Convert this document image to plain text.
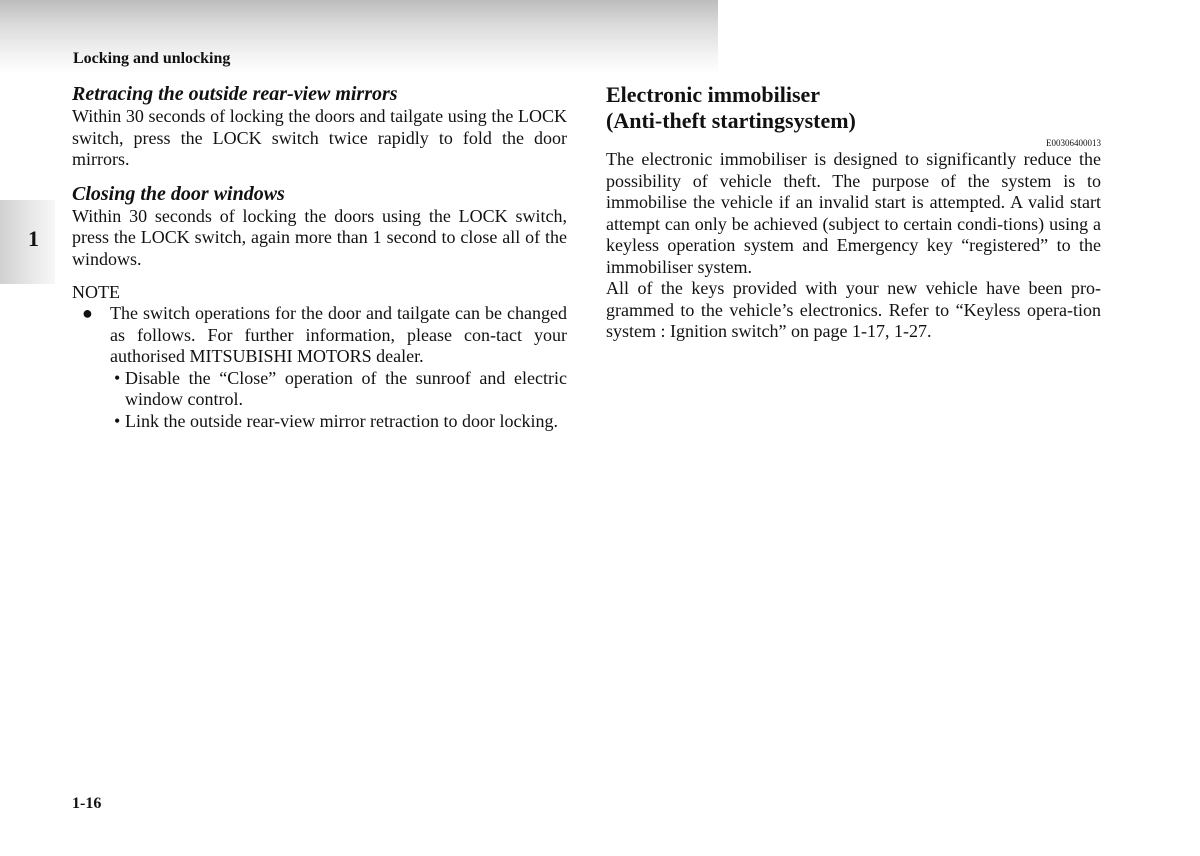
Locking and unlocking
1
Retracing the outside rear-view mirrors

Within 30 seconds of locking the doors and tailgate using the LOCK switch, press the LOCK switch twice rapidly to fold the door mirrors.

Closing the door windows

Within 30 seconds of locking the doors using the LOCK switch, press the LOCK switch, again more than 1 second to close all of the windows.

NOTE

● The switch operations for the door and tailgate can be changed as follows. For further information, please con-tact your authorised MITSUBISHI MOTORS dealer.
• Disable the “Close” operation of the sunroof and electric window control.
• Link the outside rear-view mirror retraction to door locking.
Electronic immobiliser
(Anti-theft startingsystem)
E00306400013

The electronic immobiliser is designed to significantly reduce the possibility of vehicle theft. The purpose of the system is to immobilise the vehicle if an invalid start is attempted. A valid start attempt can only be achieved (subject to certain condi-tions) using a keyless operation system and Emergency key “registered” to the immobiliser system.

All of the keys provided with your new vehicle have been pro-grammed to the vehicle’s electronics. Refer to “Keyless opera-tion system : Ignition switch” on page 1-17, 1-27.

1-16
